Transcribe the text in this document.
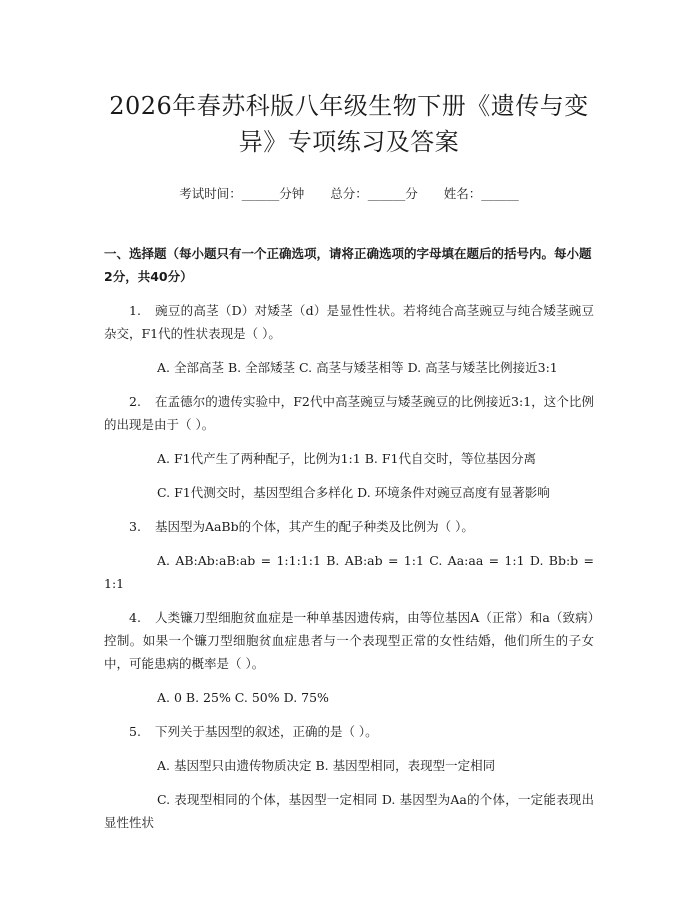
2026年春苏科版八年级生物下册《遗传与变
异》专项练习及答案
考试时间：______分钟 总分：______分 姓名：______
一、选择题（每小题只有一个正确选项，请将正确选项的字母填在题后的括号内。每小题2分，共40分）

1. 豌豆的高茎（D）对矮茎（d）是显性性状。若将纯合高茎豌豆与纯合矮茎豌豆杂交，F1代的性状表现是（ ）。

A. 全部高茎 B. 全部矮茎 C. 高茎与矮茎相等 D. 高茎与矮茎比例接近3:1

2. 在孟德尔的遗传实验中，F2代中高茎豌豆与矮茎豌豆的比例接近3:1，这个比例的出现是由于（ ）。

A. F1代产生了两种配子，比例为1:1 B. F1代自交时，等位基因分离

C. F1代测交时，基因型组合多样化 D. 环境条件对豌豆高度有显著影响

3. 基因型为AaBb的个体，其产生的配子种类及比例为（ ）。

A. AB:Ab:aB:ab = 1:1:1:1 B. AB:ab = 1:1 C. Aa:aa = 1:1 D. Bb:b = 1:1

4. 人类镰刀型细胞贫血症是一种单基因遗传病，由等位基因A（正常）和a（致病）控制。如果一个镰刀型细胞贫血症患者与一个表现型正常的女性结婚，他们所生的子女中，可能患病的概率是（ ）。

A. 0 B. 25% C. 50% D. 75%

5. 下列关于基因型的叙述，正确的是（ ）。

A. 基因型只由遗传物质决定 B. 基因型相同，表现型一定相同

C. 表现型相同的个体，基因型一定相同 D. 基因型为Aa的个体，一定能表现出显性性状
